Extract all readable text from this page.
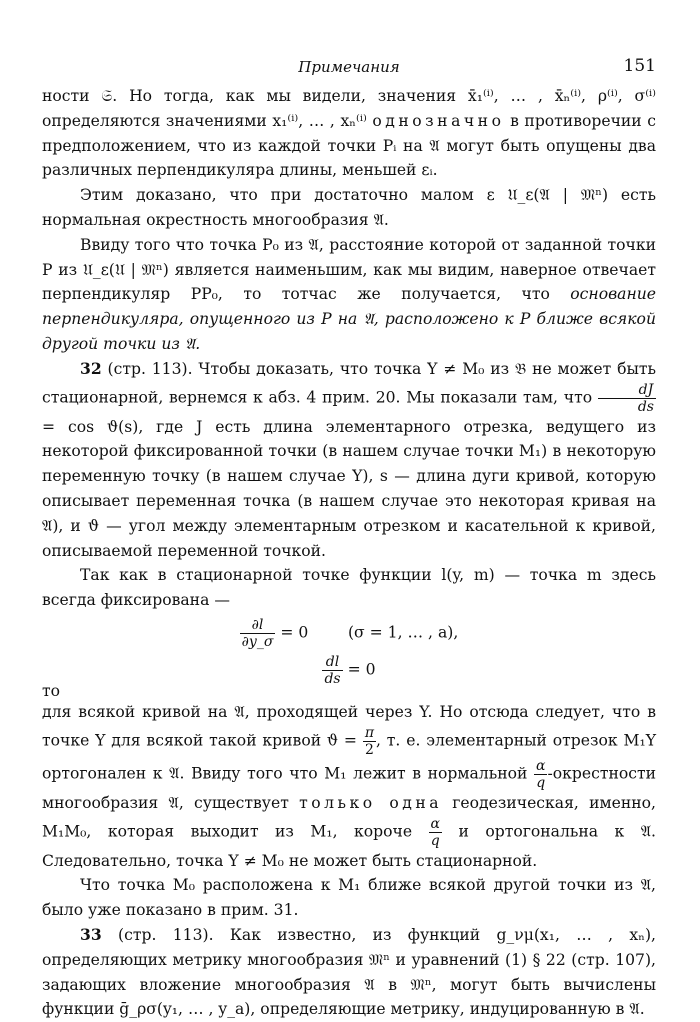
Примечания	151

ности 𝔖. Но тогда, как мы видели, значения x̄₁⁽ⁱ⁾, … , x̄ₙ⁽ⁱ⁾, ρ⁽ⁱ⁾, σ⁽ⁱ⁾ определяются значениями x₁⁽ⁱ⁾, … , xₙ⁽ⁱ⁾ однозначно в противоречии с предположением, что из каждой точки Pᵢ на 𝔄 могут быть опущены два различных перпендикуляра длины, меньшей εᵢ.

Этим доказано, что при достаточно малом ε 𝔘_ε(𝔄 | 𝔐ⁿ) есть нормальная окрестность многообразия 𝔄.

Ввиду того что точка P₀ из 𝔄, расстояние которой от заданной точки P из 𝔘_ε(𝔘 | 𝔐ⁿ) является наименьшим, как мы видим, наверное отвечает перпендикуляр PP₀, то тотчас же получается, что основание перпендикуляра, опущенного из P на 𝔄, расположено к P ближе всякой другой точки из 𝔄.

32 (стр. 113). Чтобы доказать, что точка Y ≠ M₀ из 𝔅 не может быть стационарной, вернемся к абз. 4 прим. 20. Мы показали там, что $\frac{dJ}{ds}$
= cos ϑ(s), где J есть длина элементарного отрезка, ведущего из некоторой фиксированной точки (в нашем случае точки M₁) в некоторую переменную точку (в нашем случае Y), s — длина дуги кривой, которую описывает переменная точка (в нашем случае это некоторая кривая на 𝔄), и ϑ — угол между элементарным отрезком и касательной к кривой, описываемой переменной точкой.

Так как в стационарной точке функции l(y, m) — точка m здесь всегда фиксирована —

$\frac{\partial l}{\partial y\_\sigma} = 0$        (σ = 1, … , a),
то
$\frac{dl}{ds} = 0$

для всякой кривой на 𝔄, проходящей через Y. Но отсюда следует, что в точке Y для всякой такой кривой $ϑ = \frac{\pi}{2}$ , т. е. элементарный отрезок M₁Y ортогонален к 𝔄. Ввиду того что M₁ лежит в нормальной $\frac{\alpha}{q}$ -окрестности многообразия 𝔄, существует только одна геодезическая, именно, M₁M₀, которая выходит из M₁, короче $\frac{\alpha}{q}$ и ортогональна к 𝔄. Следовательно, точка Y ≠ M₀ не может быть стационарной.

Что точка M₀ расположена к M₁ ближе всякой другой точки из 𝔄, было уже показано в прим. 31.

33 (стр. 113). Как известно, из функций g_νμ(x₁, … , xₙ), определяющих метрику многообразия 𝔐ⁿ и уравнений (1) § 22 (стр. 107), задающих вложение многообразия 𝔄 в 𝔐ⁿ, могут быть вычислены функции ḡ_ρσ(y₁, … , y_a), определяющие метрику, индуцированную в 𝔄.
